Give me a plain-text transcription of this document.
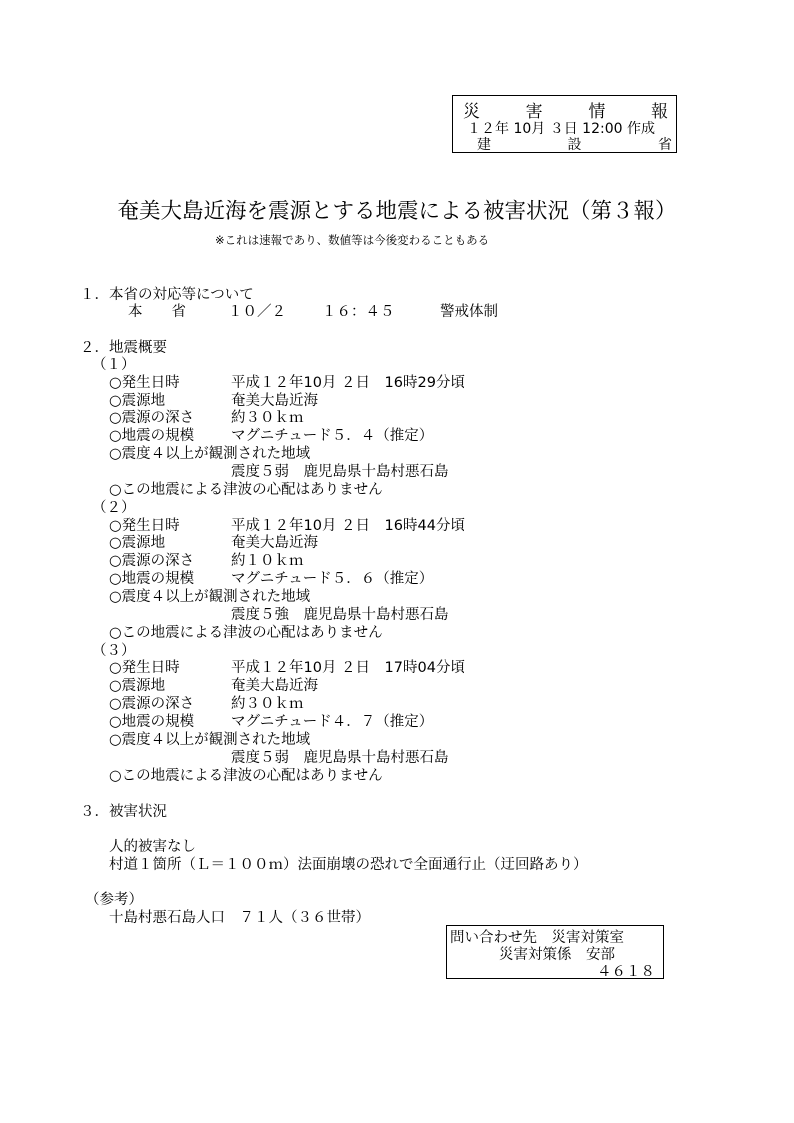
災	害	情	報
１２年 10月 ３日 12:00 作成
建	設	省
奄美大島近海を震源とする地震による被害状況（第３報）
※これは速報であり、数値等は今後変わることもある
１．本省の対応等について
本　　省	１０／２ １６：４５	警戒体制
２．地震概要
（１）
○発生日時	平成１２年10月 ２日　16時29分頃
○震源地	奄美大島近海
○震源の深さ	約３０ｋｍ
○地震の規模	マグニチュード５．４（推定）
○震度４以上が観測された地域
震度５弱　鹿児島県十島村悪石島
○この地震による津波の心配はありません
（２）
○発生日時	平成１２年10月 ２日　16時44分頃
○震源地	奄美大島近海
○震源の深さ	約１０ｋｍ
○地震の規模	マグニチュード５．６（推定）
○震度４以上が観測された地域
震度５強　鹿児島県十島村悪石島
○この地震による津波の心配はありません
（３）
○発生日時	平成１２年10月 ２日　17時04分頃
○震源地	奄美大島近海
○震源の深さ	約３０ｋｍ
○地震の規模	マグニチュード４．７（推定）
○震度４以上が観測された地域
震度５弱　鹿児島県十島村悪石島
○この地震による津波の心配はありません
３．被害状況
人的被害なし
村道１箇所（Ｌ＝１００ｍ）法面崩壊の恐れで全面通行止（迂回路あり）
（参考）
十島村悪石島人口　７１人（３６世帯）
問い合わせ先　災害対策室
災害対策係　安部
４６１８
